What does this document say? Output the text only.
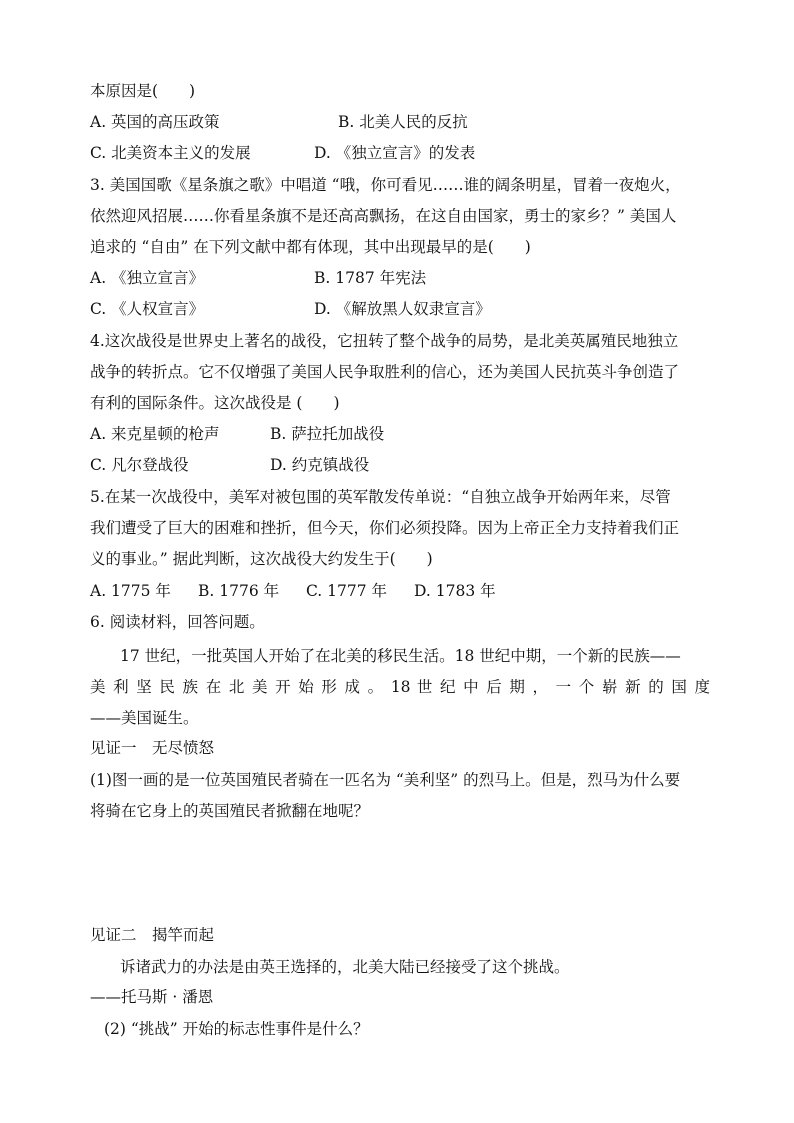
本原因是(　　)
A. 英国的高压政策	B. 北美人民的反抗
C. 北美资本主义的发展	D. 《独立宣言》的发表
3. 美国国歌《星条旗之歌》中唱道 “哦，你可看见……谁的阔条明星，冒着一夜炮火，
依然迎风招展……你看星条旗不是还高高飘扬，在这自由国家，勇士的家乡？” 美国人
追求的 “自由” 在下列文献中都有体现，其中出现最早的是(　　)
A. 《独立宣言》	B. 1787 年宪法
C. 《人权宣言》	D. 《解放黑人奴隶宣言》
4.这次战役是世界史上著名的战役，它扭转了整个战争的局势，是北美英属殖民地独立
战争的转折点。它不仅增强了美国人民争取胜利的信心，还为美国人民抗英斗争创造了
有利的国际条件。这次战役是 (　　)
A. 来克星顿的枪声	B. 萨拉托加战役
C. 凡尔登战役	D. 约克镇战役
5.在某一次战役中，美军对被包围的英军散发传单说：“自独立战争开始两年来，尽管
我们遭受了巨大的困难和挫折，但今天，你们必须投降。因为上帝正全力支持着我们正
义的事业。” 据此判断，这次战役大约发生于(　　)
A. 1775 年 B. 1776 年 C. 1777 年 D. 1783 年
6. 阅读材料，回答问题。
17 世纪，一批英国人开始了在北美的移民生活。18 世纪中期，一个新的民族——
美 利 坚 民 族 在 北 美 开 始 形 成 。 18 世 纪 中 后 期 ， 一 个 崭 新 的 国 度
——美国诞生。
见证一　无尽愤怒
(1)图一画的是一位英国殖民者骑在一匹名为 “美利坚” 的烈马上。但是，烈马为什么要
将骑在它身上的英国殖民者掀翻在地呢？
见证二　揭竿而起
诉诸武力的办法是由英王选择的，北美大陆已经接受了这个挑战。
——托马斯 · 潘恩
(2) “挑战” 开始的标志性事件是什么？
